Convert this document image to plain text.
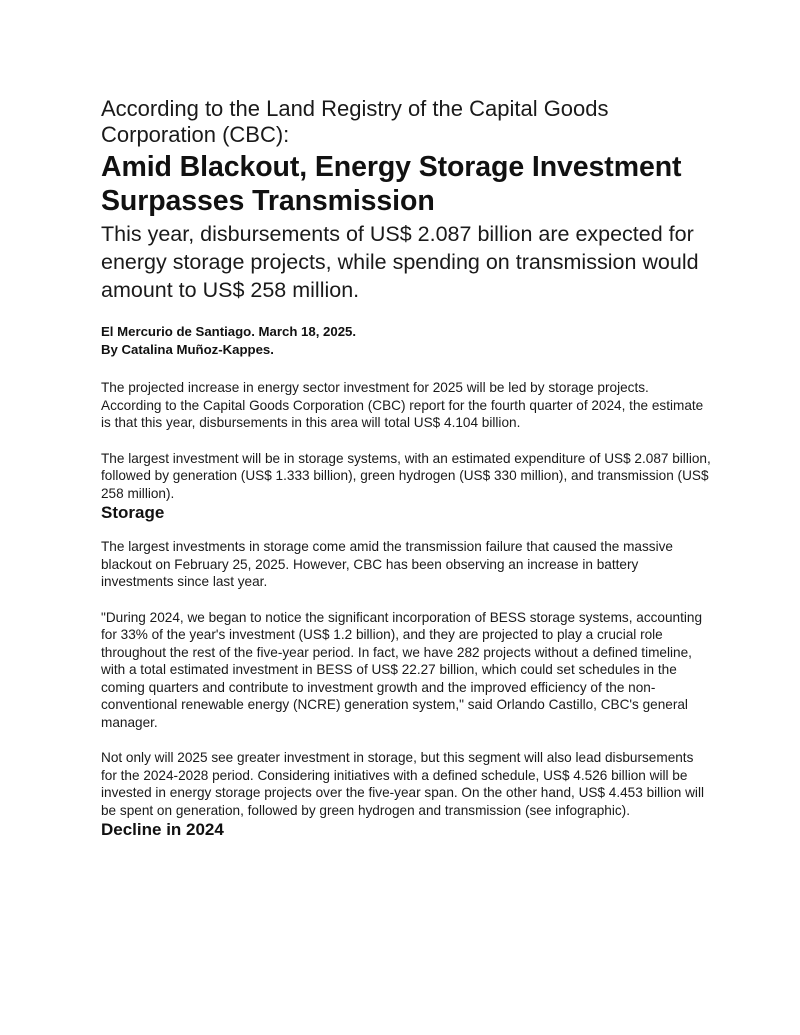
According to the Land Registry of the Capital Goods Corporation (CBC):

Amid Blackout, Energy Storage Investment Surpasses Transmission

This year, disbursements of US$ 2.087 billion are expected for energy storage projects, while spending on transmission would amount to US$ 258 million.

El Mercurio de Santiago. March 18, 2025.
By Catalina Muñoz-Kappes.

The projected increase in energy sector investment for 2025 will be led by storage projects. According to the Capital Goods Corporation (CBC) report for the fourth quarter of 2024, the estimate is that this year, disbursements in this area will total US$ 4.104 billion.

The largest investment will be in storage systems, with an estimated expenditure of US$ 2.087 billion, followed by generation (US$ 1.333 billion), green hydrogen (US$ 330 million), and transmission (US$ 258 million).

Storage

The largest investments in storage come amid the transmission failure that caused the massive blackout on February 25, 2025. However, CBC has been observing an increase in battery investments since last year.

"During 2024, we began to notice the significant incorporation of BESS storage systems, accounting for 33% of the year's investment (US$ 1.2 billion), and they are projected to play a crucial role throughout the rest of the five-year period. In fact, we have 282 projects without a defined timeline, with a total estimated investment in BESS of US$ 22.27 billion, which could set schedules in the coming quarters and contribute to investment growth and the improved efficiency of the non-conventional renewable energy (NCRE) generation system," said Orlando Castillo, CBC's general manager.

Not only will 2025 see greater investment in storage, but this segment will also lead disbursements for the 2024-2028 period. Considering initiatives with a defined schedule, US$ 4.526 billion will be invested in energy storage projects over the five-year span. On the other hand, US$ 4.453 billion will be spent on generation, followed by green hydrogen and transmission (see infographic).

Decline in 2024
